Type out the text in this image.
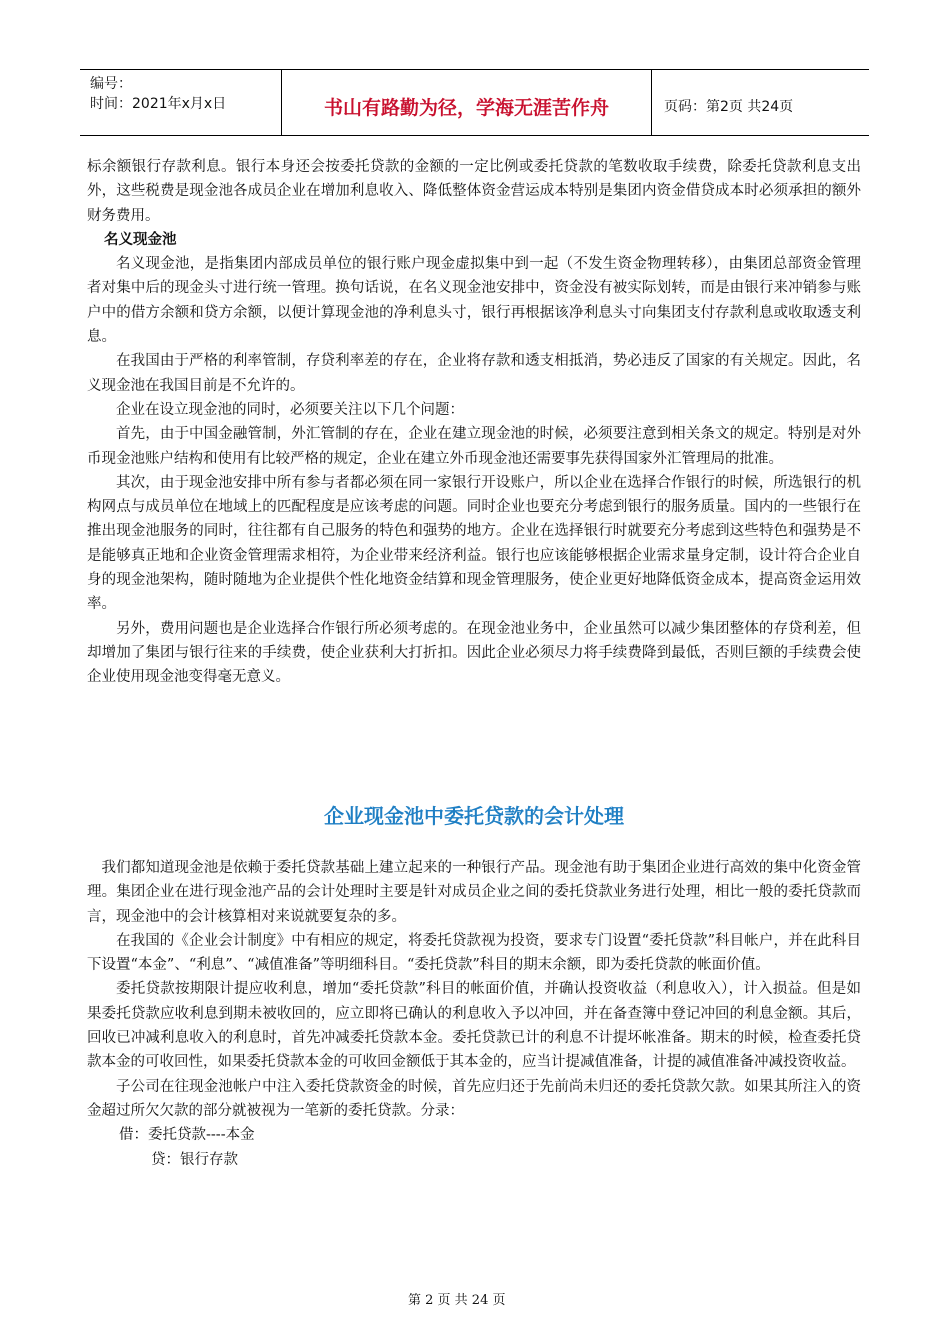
编号：
时间：2021年x月x日	书山有路勤为径，学海无涯苦作舟	页码：第2页 共24页

标余额银行存款利息。银行本身还会按委托贷款的金额的一定比例或委托贷款的笔数收取手续费，除委托贷款利息支出外，这些税费是现金池各成员企业在增加利息收入、降低整体资金营运成本特别是集团内资金借贷成本时必须承担的额外财务费用。

名义现金池

名义现金池，是指集团内部成员单位的银行账户现金虚拟集中到一起（不发生资金物理转移），由集团总部资金管理者对集中后的现金头寸进行统一管理。换句话说，在名义现金池安排中，资金没有被实际划转，而是由银行来冲销参与账户中的借方余额和贷方余额，以便计算现金池的净利息头寸，银行再根据该净利息头寸向集团支付存款利息或收取透支利息。

在我国由于严格的利率管制，存贷利率差的存在，企业将存款和透支相抵消，势必违反了国家的有关规定。因此，名义现金池在我国目前是不允许的。

企业在设立现金池的同时，必须要关注以下几个问题：

首先，由于中国金融管制，外汇管制的存在，企业在建立现金池的时候，必须要注意到相关条文的规定。特别是对外币现金池账户结构和使用有比较严格的规定，企业在建立外币现金池还需要事先获得国家外汇管理局的批准。

其次，由于现金池安排中所有参与者都必须在同一家银行开设账户，所以企业在选择合作银行的时候，所选银行的机构网点与成员单位在地域上的匹配程度是应该考虑的问题。同时企业也要充分考虑到银行的服务质量。国内的一些银行在推出现金池服务的同时，往往都有自己服务的特色和强势的地方。企业在选择银行时就要充分考虑到这些特色和强势是不是能够真正地和企业资金管理需求相符，为企业带来经济利益。银行也应该能够根据企业需求量身定制，设计符合企业自身的现金池架构，随时随地为企业提供个性化地资金结算和现金管理服务，使企业更好地降低资金成本，提高资金运用效率。

另外，费用问题也是企业选择合作银行所必须考虑的。在现金池业务中，企业虽然可以减少集团整体的存贷利差，但却增加了集团与银行往来的手续费，使企业获利大打折扣。因此企业必须尽力将手续费降到最低，否则巨额的手续费会使企业使用现金池变得毫无意义。

企业现金池中委托贷款的会计处理

我们都知道现金池是依赖于委托贷款基础上建立起来的一种银行产品。现金池有助于集团企业进行高效的集中化资金管理。集团企业在进行现金池产品的会计处理时主要是针对成员企业之间的委托贷款业务进行处理，相比一般的委托贷款而言，现金池中的会计核算相对来说就要复杂的多。

在我国的《企业会计制度》中有相应的规定，将委托贷款视为投资，要求专门设置“委托贷款”科目帐户，并在此科目下设置“本金”、“利息”、“减值准备”等明细科目。“委托贷款”科目的期末余额，即为委托贷款的帐面价值。

委托贷款按期限计提应收利息，增加“委托贷款”科目的帐面价值，并确认投资收益（利息收入），计入损益。但是如果委托贷款应收利息到期未被收回的，应立即将已确认的利息收入予以冲回，并在备查簿中登记冲回的利息金额。其后，回收已冲减利息收入的利息时，首先冲减委托贷款本金。委托贷款已计的利息不计提坏帐准备。期末的时候，检查委托贷款本金的可收回性，如果委托贷款本金的可收回金额低于其本金的，应当计提减值准备，计提的减值准备冲减投资收益。

子公司在往现金池帐户中注入委托贷款资金的时候，首先应归还于先前尚未归还的委托贷款欠款。如果其所注入的资金超过所欠欠款的部分就被视为一笔新的委托贷款。分录：

借：委托贷款----本金

贷：银行存款

第 2 页 共 24 页
